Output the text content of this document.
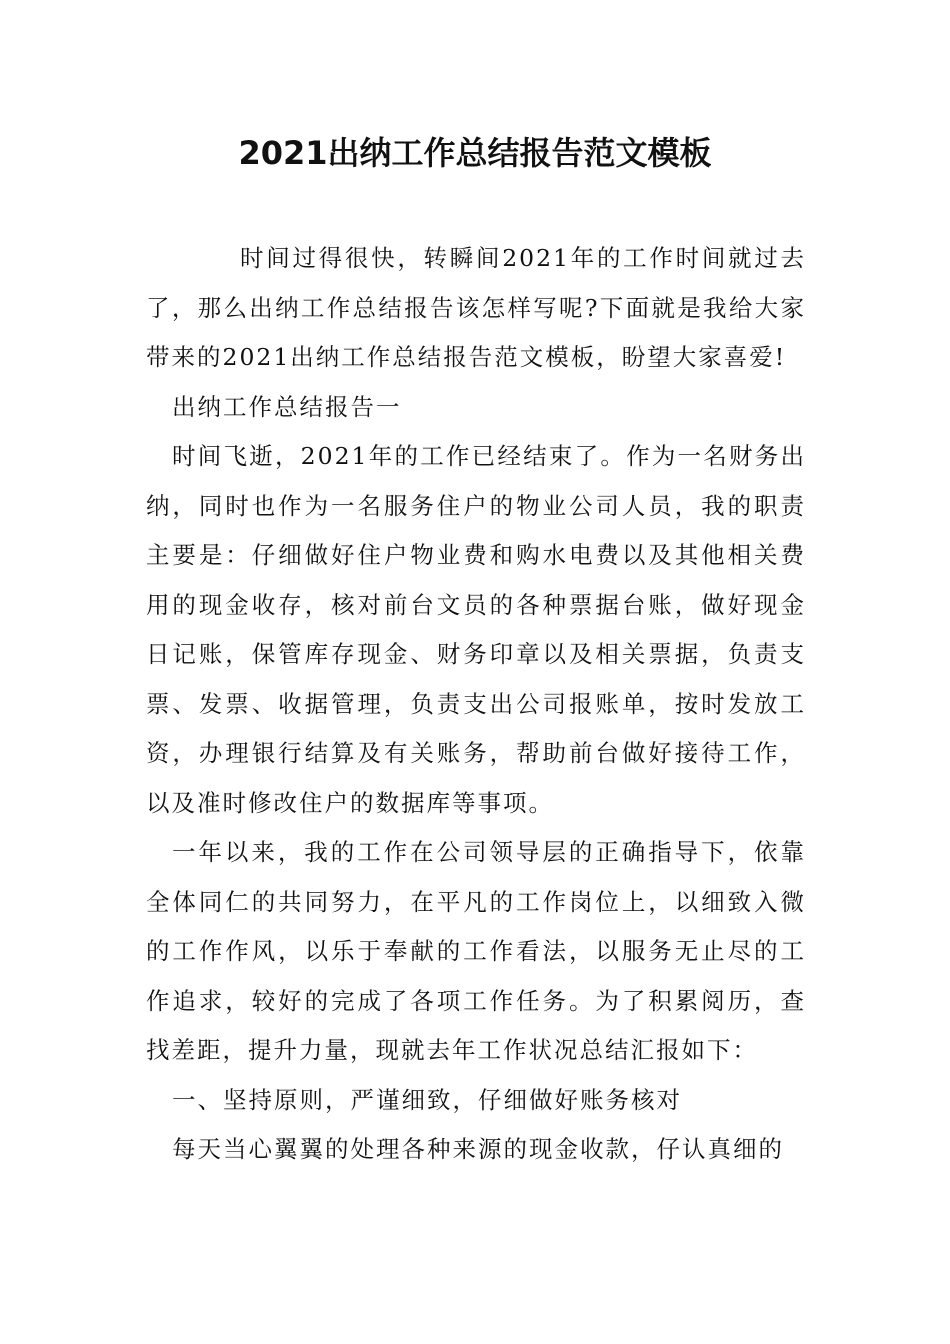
2021出纳工作总结报告范文模板

时间过得很快，转瞬间2021年的工作时间就过去了，那么出纳工作总结报告该怎样写呢?下面就是我给大家带来的2021出纳工作总结报告范文模板，盼望大家喜爱!

出纳工作总结报告一

时间飞逝，2021年的工作已经结束了。作为一名财务出纳，同时也作为一名服务住户的物业公司人员，我的职责主要是：仔细做好住户物业费和购水电费以及其他相关费用的现金收存，核对前台文员的各种票据台账，做好现金日记账，保管库存现金、财务印章以及相关票据，负责支票、发票、收据管理，负责支出公司报账单，按时发放工资，办理银行结算及有关账务，帮助前台做好接待工作，以及准时修改住户的数据库等事项。

一年以来，我的工作在公司领导层的正确指导下，依靠全体同仁的共同努力，在平凡的工作岗位上，以细致入微的工作作风，以乐于奉献的工作看法，以服务无止尽的工作追求，较好的完成了各项工作任务。为了积累阅历，查找差距，提升力量，现就去年工作状况总结汇报如下：

一、坚持原则，严谨细致，仔细做好账务核对

每天当心翼翼的处理各种来源的现金收款，仔认真细的
